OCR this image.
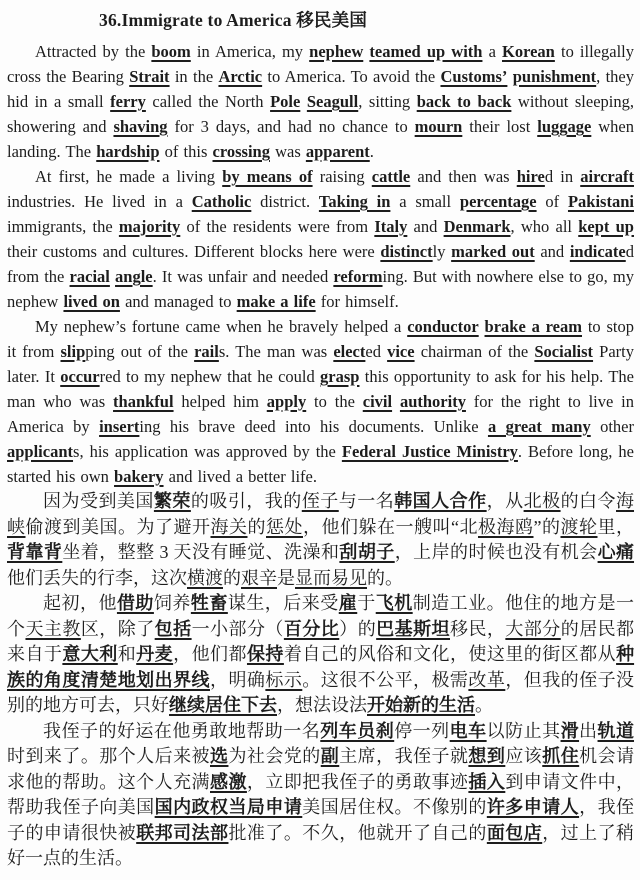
36.Immigrate to America 移民美国

Attracted by the boom in America, my nephew teamed up with a Korean to illegally cross the Bearing Strait in the Arctic to America. To avoid the Customs’ punishment, they hid in a small ferry called the North Pole Seagull, sitting back to back without sleeping, showering and shaving for 3 days, and had no chance to mourn their lost luggage when landing. The hardship of this crossing was apparent.

At first, he made a living by means of raising cattle and then was hired in aircraft industries. He lived in a Catholic district. Taking in a small percentage of Pakistani immigrants, the majority of the residents were from Italy and Denmark, who all kept up their customs and cultures. Different blocks here were distinctly marked out and indicated from the racial angle. It was unfair and needed reforming. But with nowhere else to go, my nephew lived on and managed to make a life for himself.

My nephew’s fortune came when he bravely helped a conductor brake a ream to stop it from slipping out of the rails. The man was elected vice chairman of the Socialist Party later. It occurred to my nephew that he could grasp this opportunity to ask for his help. The man who was thankful helped him apply to the civil authority for the right to live in America by inserting his brave deed into his documents. Unlike a great many other applicants, his application was approved by the Federal Justice Ministry. Before long, he started his own bakery and lived a better life.

因为受到美国繁荣的吸引，我的侄子与一名韩国人合作，从北极的白令海峡偷渡到美国。为了避开海关的惩处，他们躲在一艘叫“北极海鸥”的渡轮里，背靠背坐着，整整 3 天没有睡觉、洗澡和刮胡子，上岸的时候也没有机会心痛他们丢失的行李，这次横渡的艰辛是显而易见的。

起初，他借助饲养牲畜谋生，后来受雇于飞机制造工业。他住的地方是一个天主教区，除了包括一小部分（百分比）的巴基斯坦移民，大部分的居民都来自于意大利和丹麦，他们都保持着自己的风俗和文化，使这里的街区都从种族的角度清楚地划出界线，明确标示。这很不公平，极需改革，但我的侄子没别的地方可去，只好继续居住下去，想法设法开始新的生活。

我侄子的好运在他勇敢地帮助一名列车员刹停一列电车以防止其滑出轨道时到来了。那个人后来被选为社会党的副主席，我侄子就想到应该抓住机会请求他的帮助。这个人充满感激，立即把我侄子的勇敢事迹插入到申请文件中，帮助我侄子向美国国内政权当局申请美国居住权。不像别的许多申请人，我侄子的申请很快被联邦司法部批准了。不久，他就开了自己的面包店，过上了稍好一点的生活。
